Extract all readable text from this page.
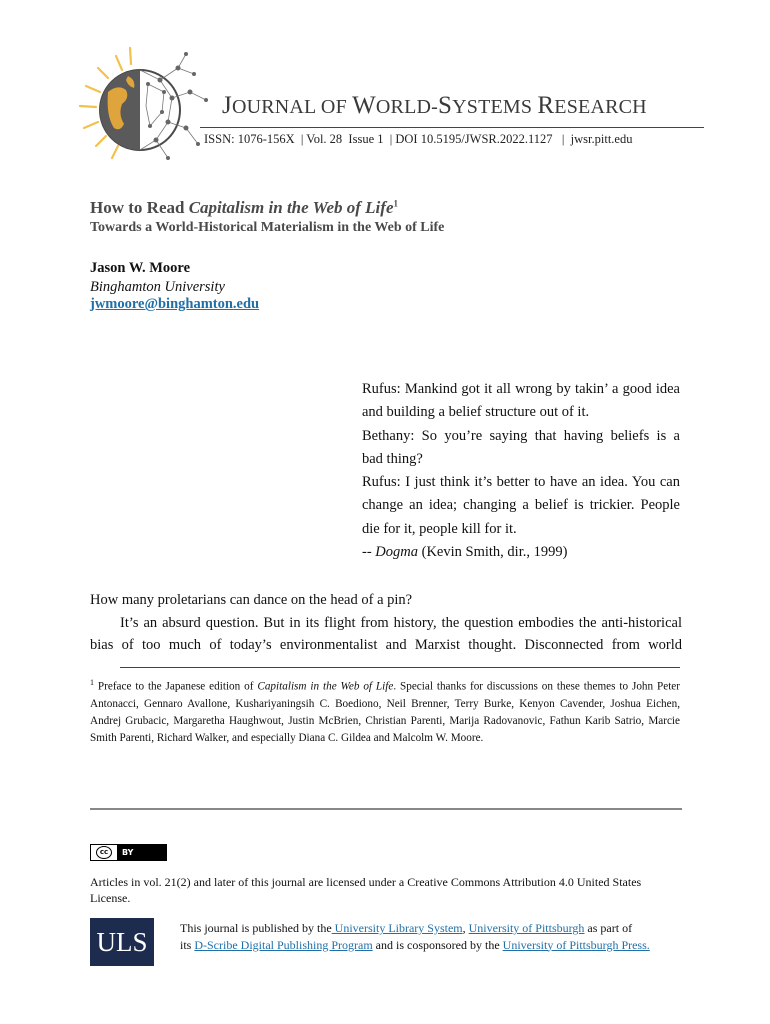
JOURNAL OF WORLD-SYSTEMS RESEARCH
ISSN: 1076-156X  | Vol. 28  Issue 1  | DOI 10.5195/JWSR.2022.1127   |  jwsr.pitt.edu
How to Read Capitalism in the Web of Life$^1$
Towards a World-Historical Materialism in the Web of Life
Jason W. Moore
Binghamton University
jwmoore@binghamton.edu
Rufus: Mankind got it all wrong by takin’ a good idea
and building a belief structure out of it.
Bethany: So you’re saying that having beliefs is a
bad thing?
Rufus: I just think it’s better to have an idea. You can
change an idea; changing a belief is trickier. People
die for it, people kill for it.
-- Dogma (Kevin Smith, dir., 1999)
How many proletarians can dance on the head of a pin?
It’s an absurd question. But in its flight from history, the question embodies the anti-historical
bias of too much of today’s environmentalist and Marxist thought. Disconnected from world
$^1$ Preface to the Japanese edition of Capitalism in the Web of Life. Special thanks for discussions on these themes to John Peter Antonacci, Gennaro Avallone, Kushariyaningsih C. Boediono, Neil Brenner, Terry Burke, Kenyon Cavender, Joshua Eichen, Andrej Grubacic, Margaretha Haughwout, Justin McBrien, Christian Parenti, Marija Radovanovic, Fathun Karib Satrio, Marcie Smith Parenti, Richard Walker, and especially Diana C. Gildea and Malcolm W. Moore.
cc	BY
Articles in vol. 21(2) and later of this journal are licensed under a Creative Commons Attribution 4.0 United States License.
ULS	This journal is published by the University Library System, University of Pittsburgh as part of
its D-Scribe Digital Publishing Program and is cosponsored by the University of Pittsburgh Press.
